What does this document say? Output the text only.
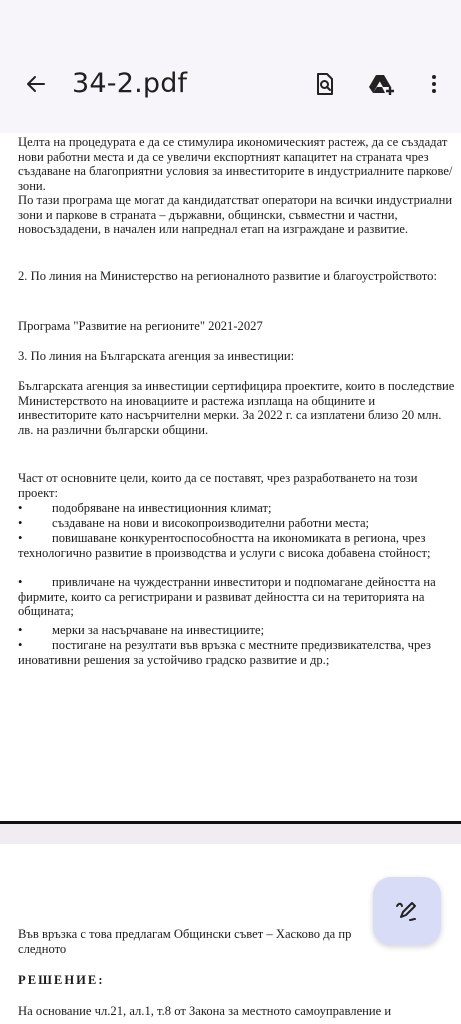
34-2.pdf

Целта на процедурата е да се стимулира икономическият растеж, да се създадат нови работни места и да се увеличи експортният капацитет на страната чрез създаване на благоприятни условия за инвеститорите в индустриалните паркове/зони.

По тази програма ще могат да кандидатстват оператори на всички индустриални зони и паркове в страната – държавни, общински, съвместни и частни, новосъздадени, в начален или напреднал етап на изграждане и развитие.

2. По линия на Министерство на регионалното развитие и благоустройството:

Програма "Развитие на регионите" 2021-2027

3. По линия на Българската агенция за инвестиции:

Българската агенция за инвестиции сертифицира проектите, които в последствие Министерството на иновациите и растежа изплаща на общините и инвеститорите като насърчителни мерки. За 2022 г. са изплатени близо 20 млн. лв. на различни български общини.

Част от основните цели, които да се поставят, чрез разработването на този проект:

• подобряване на инвестиционния климат;
• създаване на нови и високопроизводителни работни места;
• повишаване конкурентоспособността на икономиката в региона, чрез технологично развитие в производства и услуги с висока добавена стойност;
• привличане на чуждестранни инвеститори и подпомагане дейността на фирмите, които са регистрирани и развиват дейността си на територията на общината;
• мерки за насърчаване на инвестициите;
• постигане на резултати във връзка с местните предизвикателства, чрез иновативни решения за устойчиво градско развитие и др.;

Във връзка с това предлагам Общински съвет – Хасково да пр

следното

РЕШЕНИЕ:

На основание чл.21, ал.1, т.8 от Закона за местното самоуправление и
